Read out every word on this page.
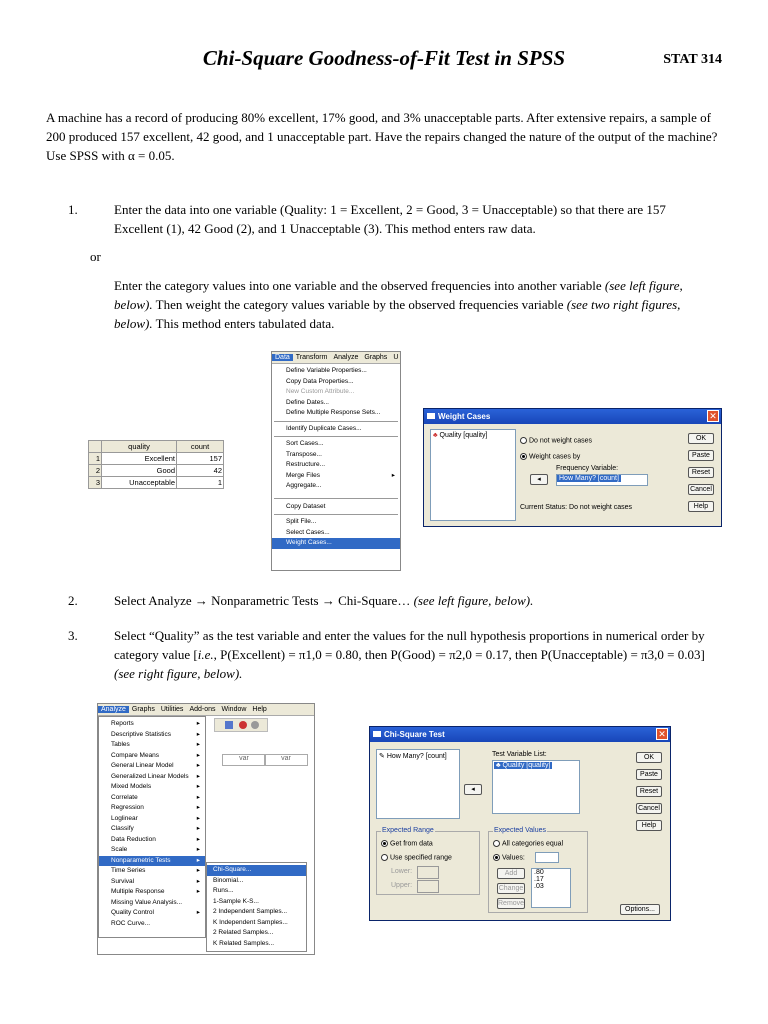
Chi-Square Goodness-of-Fit Test in SPSS	STAT 314
A machine has a record of producing 80% excellent, 17% good, and 3% unacceptable parts. After extensive repairs, a sample of 200 produced 157 excellent, 42 good, and 1 unacceptable part. Have the repairs changed the nature of the output of the machine? Use SPSS with α = 0.05.
1.	Enter the data into one variable (Quality: 1 = Excellent, 2 = Good, 3 = Unacceptable) so that there are 157 Excellent (1), 42 Good (2), and 1 Unacceptable (3). This method enters raw data.
or
Enter the category values into one variable and the observed frequencies into another variable (see left figure, below). Then weight the category values variable by the observed frequencies variable (see two right figures, below). This method enters tabulated data.
	quality	count
1	Excellent	157
2	Good	42
3	Unacceptable	1
Data Transform Analyze Graphs U
Define Variable Properties...
Copy Data Properties...
New Custom Attribute...
Define Dates...
Define Multiple Response Sets...
Identify Duplicate Cases...
Sort Cases...
Transpose...
Restructure...
Merge Files	▸
Aggregate...
Copy Dataset
Split File...
Select Cases...
Weight Cases...
Weight Cases	✕
♣ Quality [quality]
Do not weight cases
Weight cases by
Frequency Variable:
◂	How Many? [count]
Current Status: Do not weight cases
OK
Paste
Reset
Cancel
Help
2.	Select Analyze → Nonparametric Tests → Chi-Square… (see left figure, below).
3.	Select “Quality” as the test variable and enter the values for the null hypothesis proportions in numerical order by category value [i.e., P(Excellent) = π1,0 = 0.80, then P(Good) = π2,0 = 0.17, then P(Unacceptable) = π3,0 = 0.03] (see right figure, below).
Analyze Graphs Utilities Add-ons Window Help
var	var
Reports	▸
Descriptive Statistics	▸
Tables	▸
Compare Means	▸
General Linear Model	▸
Generalized Linear Models ▸
Mixed Models	▸
Correlate	▸
Regression	▸
Loglinear	▸
Classify	▸
Data Reduction	▸
Scale	▸
Nonparametric Tests	▸
Time Series	▸
Survival	▸
Multiple Response	▸
Missing Value Analysis...
Quality Control	▸
ROC Curve...
Chi-Square...
Binomial...
Runs...
1-Sample K-S...
2 Independent Samples...
K Independent Samples...
2 Related Samples...
K Related Samples...
Chi-Square Test	✕
✎ How Many? [count]	Test Variable List:
♣ Quality [quality]
◂
Expected Range
Get from data
Use specified range
Lower:
Upper:
Expected Values
All categories equal
Values:
Add
Change
Remove
.80
.17
.03
OK
Paste
Reset
Cancel
Help
Options...
